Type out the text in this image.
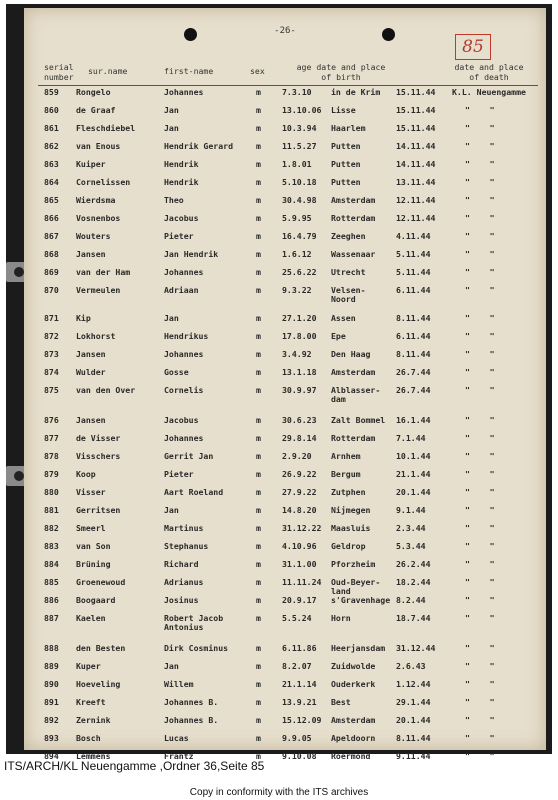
-26-
85
serial
number
sur.name	first-name	sex	age date and place
of birth
date and place
of death
859 Rongelo	Johannes	m	7.3.10 in de Krim 15.11.44 K.L. Neuengamme
860 de Graaf	Jan	m	13.10.06 Lisse	15.11.44	"    "
861 Fleschdiebel	Jan	m	10.3.94 Haarlem	15.11.44	"    "
862 van Enous	Hendrik Gerard	m	11.5.27 Putten	14.11.44	"    "
863 Kuiper	Hendrik	m	1.8.01 Putten	14.11.44	"    "
864 Cornelissen	Hendrik	m	5.10.18 Putten	13.11.44	"    "
865 Wierdsma	Theo	m	30.4.98 Amsterdam	12.11.44	"    "
866 Vosnenbos	Jacobus	m	5.9.95 Rotterdam	12.11.44	"    "
867 Wouters	Pieter	m	16.4.79 Zeeghen	4.11.44	"    "
868 Jansen	Jan Hendrik	m	1.6.12 Wassenaar	5.11.44	"    "
869 van der Ham	Johannes	m	25.6.22 Utrecht	5.11.44	"    "
870 Vermeulen	Adriaan	m	9.3.22 Velsen-
Noord
6.11.44	"    "
871 Kip	Jan	m	27.1.20 Assen	8.11.44	"    "
872 Lokhorst	Hendrikus	m	17.8.00 Epe	6.11.44	"    "
873 Jansen	Johannes	m	3.4.92 Den Haag	8.11.44	"    "
874 Wulder	Gosse	m	13.1.18 Amsterdam	26.7.44	"    "
875 van den Over	Cornelis	m	30.9.97 Alblasser-
dam
26.7.44	"    "
876 Jansen	Jacobus	m	30.6.23 Zalt Bommel 16.1.44	"    "
877 de Visser	Johannes	m	29.8.14 Rotterdam	7.1.44	"    "
878 Visschers	Gerrit Jan	m	2.9.20 Arnhem	10.1.44	"    "
879 Koop	Pieter	m	26.9.22 Bergum	21.1.44	"    "
880 Visser	Aart Roeland	m	27.9.22 Zutphen	20.1.44	"    "
881 Gerritsen	Jan	m	14.8.20 Nijmegen	9.1.44	"    "
882 Smeerl	Martinus	m	31.12.22 Maasluis	2.3.44	"    "
883 van Son	Stephanus	m	4.10.96 Geldrop	5.3.44	"    "
884 Brüning	Richard	m	31.1.00 Pforzheim	26.2.44	"    "
885 Groenewoud	Adrianus	m	11.11.24 Oud-Beyer-
land
18.2.44	"    "
886 Boogaard	Josinus	m	20.9.17 s'Gravenhage 8.2.44	"    "
887 Kaelen	Robert Jacob
Antonius
m	5.5.24 Horn	18.7.44	"    "
888 den Besten	Dirk Cosminus	m	6.11.86 Heerjansdam 31.12.44	"    "
889 Kuper	Jan	m	8.2.07 Zuidwolde	2.6.43	"    "
890 Hoeveling	Willem	m	21.1.14 Ouderkerk	1.12.44	"    "
891 Kreeft	Johannes B.	m	13.9.21 Best	29.1.44	"    "
892 Zernink	Johannes B.	m	15.12.09 Amsterdam	20.1.44	"    "
893 Bosch	Lucas	m	9.9.05 Apeldoorn	8.11.44	"    "
894 Lemmens	Frantz	m	9.10.08 Roermond	9.11.44	"    "
ITS/ARCH/KL Neuengamme ,Ordner 36,Seite 85
Copy in conformity with the ITS archives
